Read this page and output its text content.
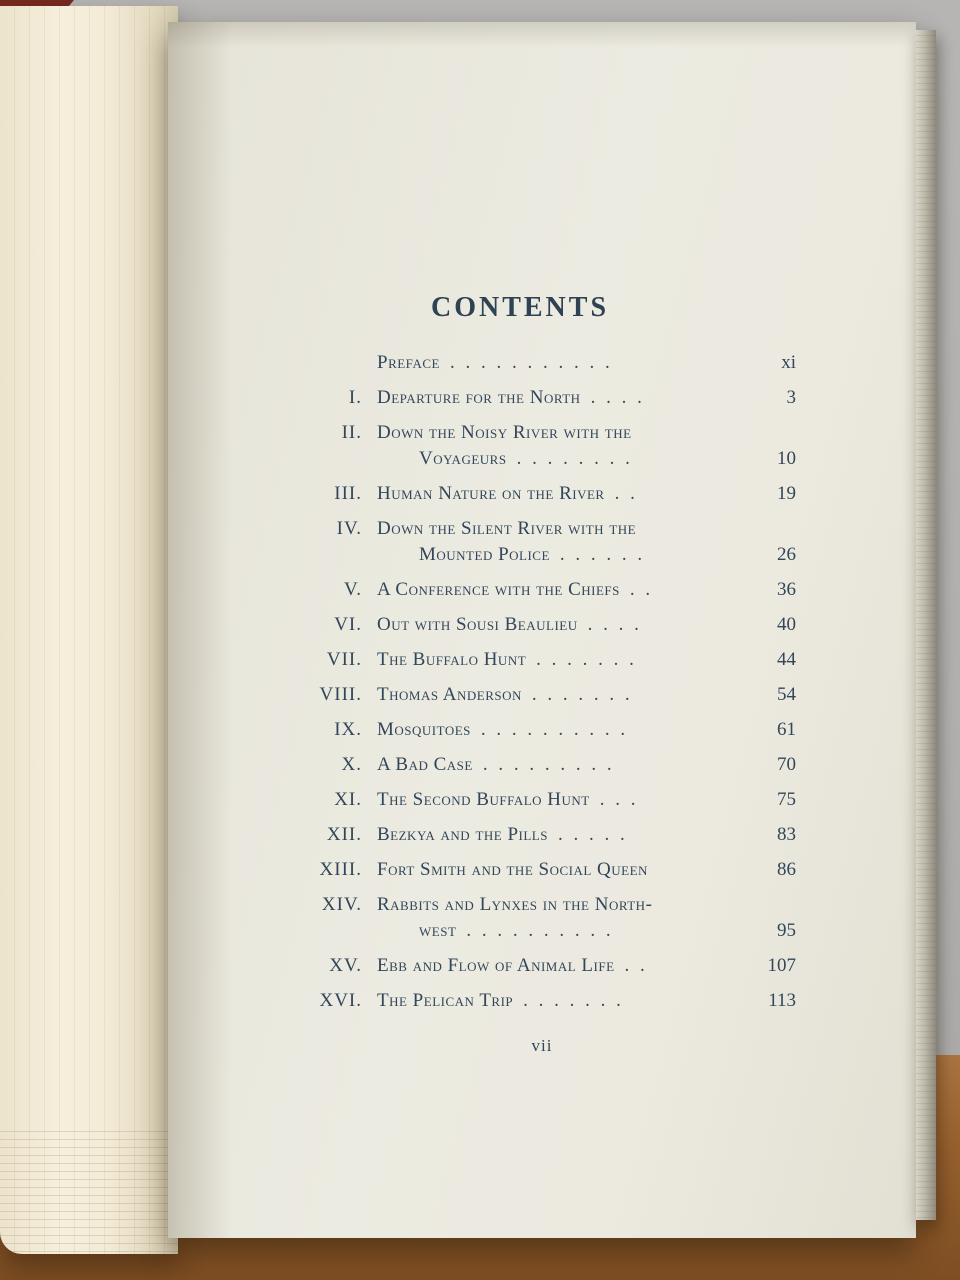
CONTENTS
Preface . . . . . . . . . . .	xi
I. Departure for the North . . . .	3
II. Down the Noisy River with the
Voyageurs . . . . . . . .	10
III. Human Nature on the River . .	19
IV. Down the Silent River with the
Mounted Police . . . . . .	26
V. A Conference with the Chiefs . .	36
VI. Out with Sousi Beaulieu . . . .	40
VII. The Buffalo Hunt . . . . . . .	44
VIII. Thomas Anderson . . . . . . .	54
IX. Mosquitoes . . . . . . . . . .	61
X. A Bad Case . . . . . . . . .	70
XI. The Second Buffalo Hunt . . .	75
XII. Bezkya and the Pills . . . . .	83
XIII. Fort Smith and the Social Queen	86
XIV. Rabbits and Lynxes in the North-
west . . . . . . . . . .	95
XV. Ebb and Flow of Animal Life . .	107
XVI. The Pelican Trip . . . . . . .	113
vii
